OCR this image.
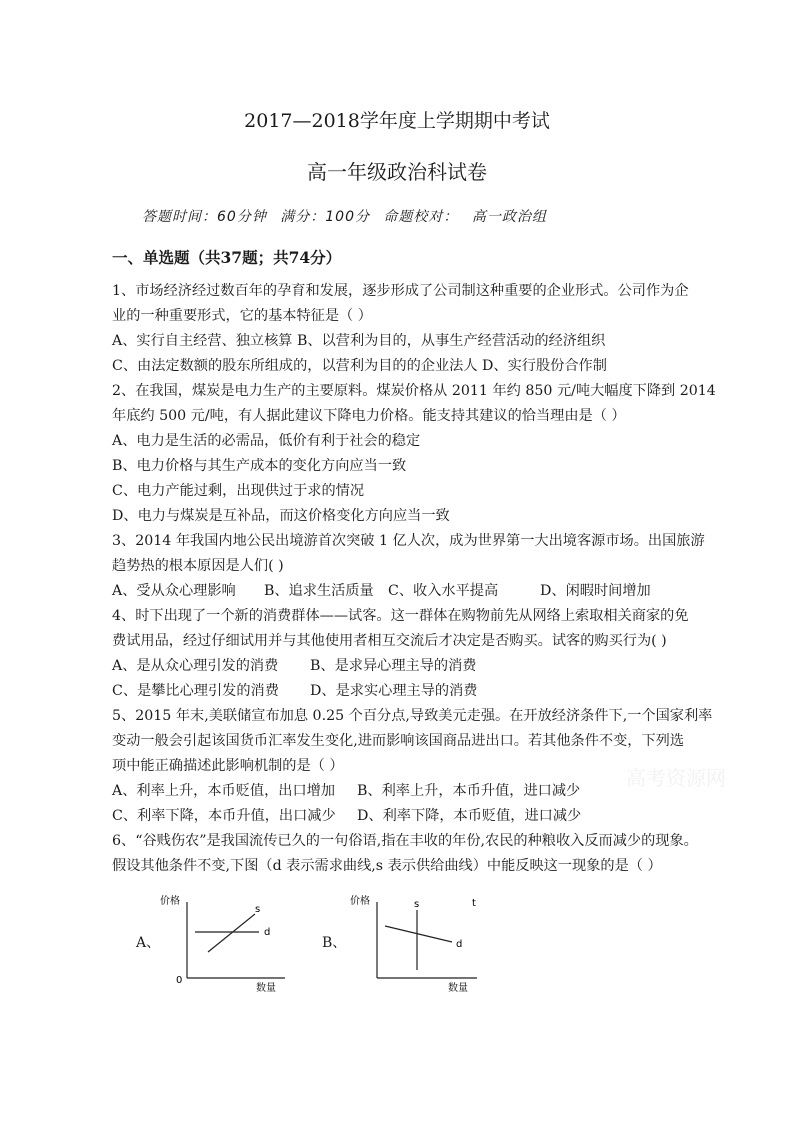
2017—2018学年度上学期期中考试
高一年级政治科试卷
答题时间：60分钟 满分：100分 命题校对： 高一政治组
一、单选题（共37题；共74分）
1、市场经济经过数百年的孕育和发展，逐步形成了公司制这种重要的企业形式。公司作为企
业的一种重要形式，它的基本特征是（ ）
A、实行自主经营、独立核算 B、以营利为目的，从事生产经营活动的经济组织
C、由法定数额的股东所组成的，以营利为目的的企业法人 D、实行股份合作制
2、在我国，煤炭是电力生产的主要原料。煤炭价格从 2011 年约 850 元/吨大幅度下降到 2014
年底约 500 元/吨，有人据此建议下降电力价格。能支持其建议的恰当理由是（ ）
A、电力是生活的必需品，低价有利于社会的稳定
B、电力价格与其生产成本的变化方向应当一致
C、电力产能过剩，出现供过于求的情况
D、电力与煤炭是互补品，而这价格变化方向应当一致
3、2014 年我国内地公民出境游首次突破 1 亿人次，成为世界第一大出境客源市场。出国旅游
趋势热的根本原因是人们( )
A、受从众心理影响 B、追求生活质量 C、收入水平提高	D、闲暇时间增加
4、时下出现了一个新的消费群体——试客。这一群体在购物前先从网络上索取相关商家的免
费试用品，经过仔细试用并与其他使用者相互交流后才决定是否购买。试客的购买行为( )
A、是从众心理引发的消费 B、是求异心理主导的消费
C、是攀比心理引发的消费 D、是求实心理主导的消费
5、2015 年末,美联储宣布加息 0.25 个百分点,导致美元走强。在开放经济条件下,一个国家利率
变动一般会引起该国货币汇率发生变化,进而影响该国商品进出口。若其他条件不变，下列选
项中能正确描述此影响机制的是（ ）
A、利率上升，本币贬值，出口增加 B、利率上升，本币升值，进口减少
C、利率下降，本币升值，出口减少 D、利率下降，本币贬值，进口减少
6、“谷贱伤农”是我国流传已久的一句俗语,指在丰收的年份,农民的种粮收入反而减少的现象。
假设其他条件不变,下图（d 表示需求曲线,s 表示供给曲线）中能反映这一现象的是（ ）
高考资源网
A、
价格
0
数量
s
d
B、
价格
数量
s
d
t
